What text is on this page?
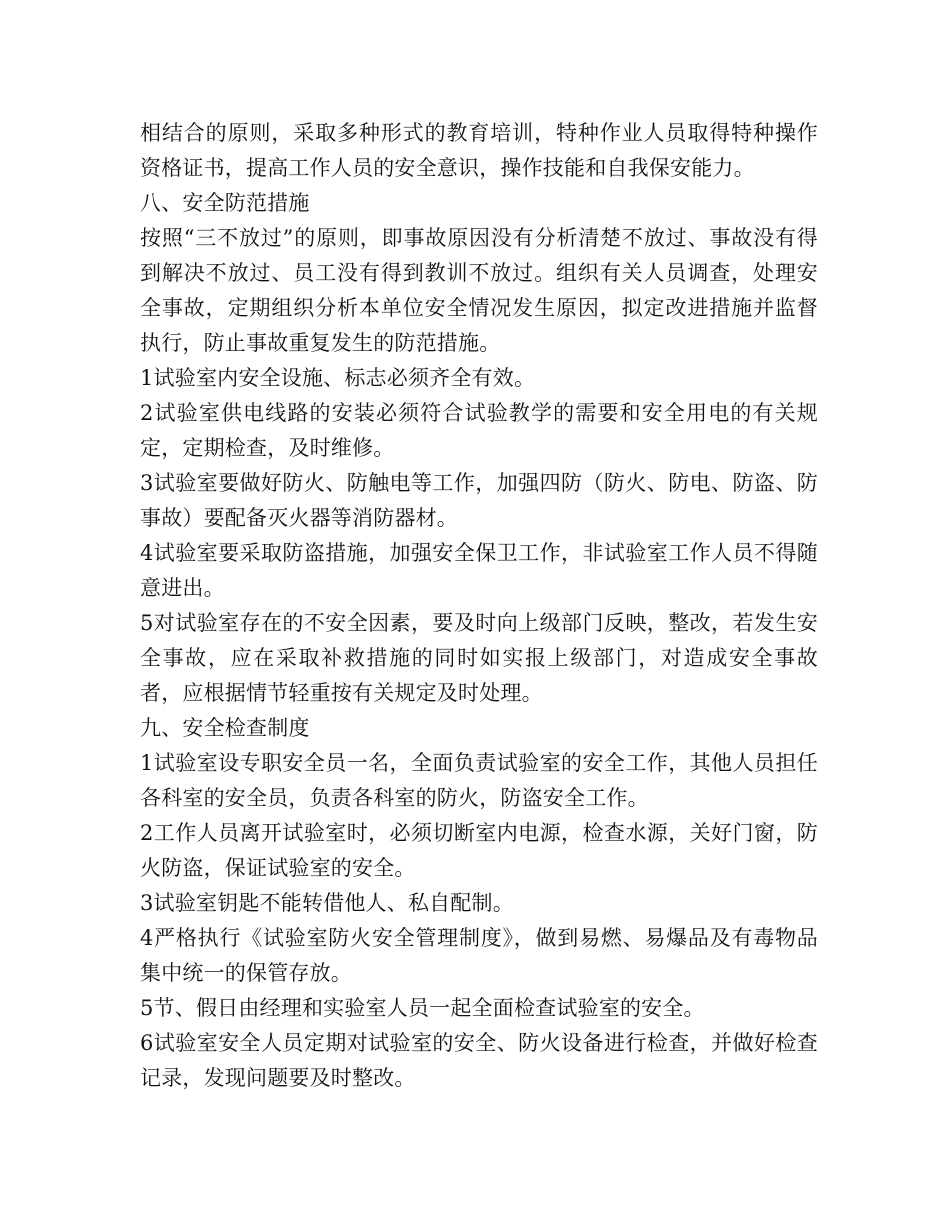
相结合的原则，采取多种形式的教育培训，特种作业人员取得特种操作资格证书，提高工作人员的安全意识，操作技能和自我保安能力。

八、安全防范措施

按照“三不放过”的原则，即事故原因没有分析清楚不放过、事故没有得到解决不放过、员工没有得到教训不放过。组织有关人员调查，处理安全事故，定期组织分析本单位安全情况发生原因，拟定改进措施并监督执行，防止事故重复发生的防范措施。

1试验室内安全设施、标志必须齐全有效。

2试验室供电线路的安装必须符合试验教学的需要和安全用电的有关规定，定期检查，及时维修。

3试验室要做好防火、防触电等工作，加强四防（防火、防电、防盗、防事故）要配备灭火器等消防器材。

4试验室要采取防盗措施，加强安全保卫工作，非试验室工作人员不得随意进出。

5对试验室存在的不安全因素，要及时向上级部门反映，整改，若发生安全事故，应在采取补救措施的同时如实报上级部门，对造成安全事故者，应根据情节轻重按有关规定及时处理。

九、安全检查制度

1试验室设专职安全员一名，全面负责试验室的安全工作，其他人员担任各科室的安全员，负责各科室的防火，防盗安全工作。

2工作人员离开试验室时，必须切断室内电源，检查水源，关好门窗，防火防盗，保证试验室的安全。

3试验室钥匙不能转借他人、私自配制。

4严格执行《试验室防火安全管理制度》，做到易燃、易爆品及有毒物品集中统一的保管存放。

5节、假日由经理和实验室人员一起全面检查试验室的安全。

6试验室安全人员定期对试验室的安全、防火设备进行检查，并做好检查记录，发现问题要及时整改。
